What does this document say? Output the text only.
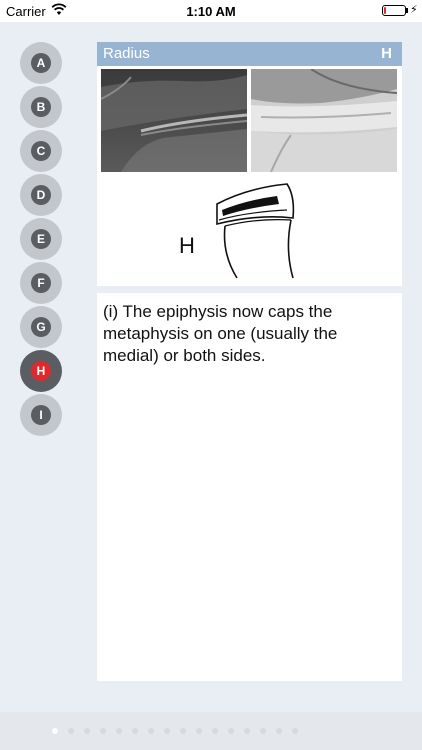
Carrier	1:10 AM	⚡
A
B
C
D
E
F
G
H
I
Radius	H
H

(i) The epiphysis now caps the metaphysis on one (usually the medial) or both sides.
